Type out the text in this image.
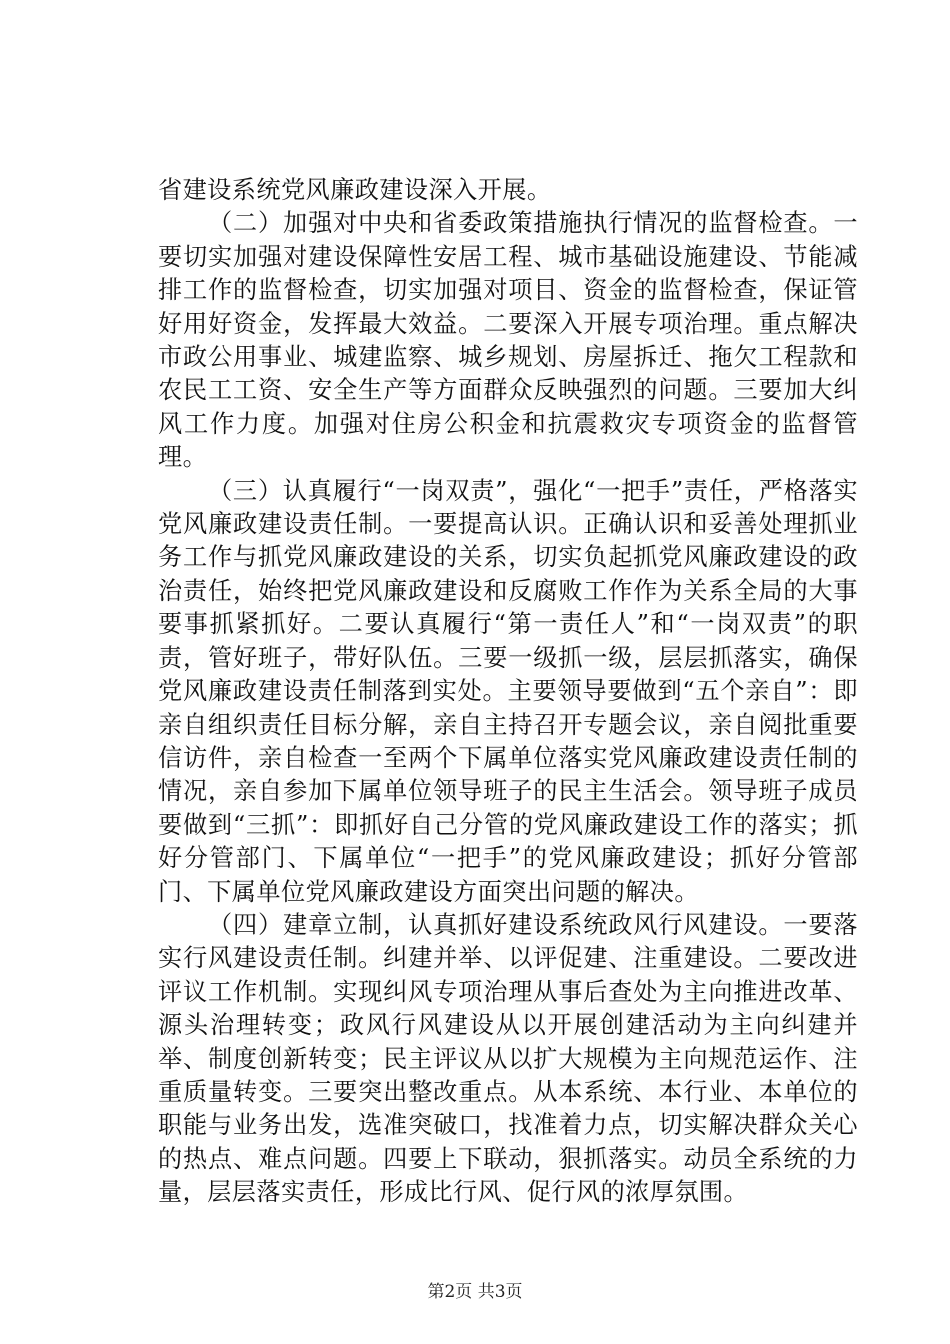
省建设系统党风廉政建设深入开展。

（二）加强对中央和省委政策措施执行情况的监督检查。一要切实加强对建设保障性安居工程、城市基础设施建设、节能减排工作的监督检查，切实加强对项目、资金的监督检查，保证管好用好资金，发挥最大效益。二要深入开展专项治理。重点解决市政公用事业、城建监察、城乡规划、房屋拆迁、拖欠工程款和农民工工资、安全生产等方面群众反映强烈的问题。三要加大纠风工作力度。加强对住房公积金和抗震救灾专项资金的监督管理。

（三）认真履行“一岗双责”，强化“一把手”责任，严格落实党风廉政建设责任制。一要提高认识。正确认识和妥善处理抓业务工作与抓党风廉政建设的关系，切实负起抓党风廉政建设的政治责任，始终把党风廉政建设和反腐败工作作为关系全局的大事要事抓紧抓好。二要认真履行“第一责任人”和“一岗双责”的职责，管好班子，带好队伍。三要一级抓一级，层层抓落实，确保党风廉政建设责任制落到实处。主要领导要做到“五个亲自”：即亲自组织责任目标分解，亲自主持召开专题会议，亲自阅批重要信访件，亲自检查一至两个下属单位落实党风廉政建设责任制的情况，亲自参加下属单位领导班子的民主生活会。领导班子成员要做到“三抓”：即抓好自己分管的党风廉政建设工作的落实；抓好分管部门、下属单位“一把手”的党风廉政建设；抓好分管部门、下属单位党风廉政建设方面突出问题的解决。

（四）建章立制，认真抓好建设系统政风行风建设。一要落实行风建设责任制。纠建并举、以评促建、注重建设。二要改进评议工作机制。实现纠风专项治理从事后查处为主向推进改革、源头治理转变；政风行风建设从以开展创建活动为主向纠建并举、制度创新转变；民主评议从以扩大规模为主向规范运作、注重质量转变。三要突出整改重点。从本系统、本行业、本单位的职能与业务出发，选准突破口，找准着力点，切实解决群众关心的热点、难点问题。四要上下联动，狠抓落实。动员全系统的力量，层层落实责任，形成比行风、促行风的浓厚氛围。

第2页 共3页
